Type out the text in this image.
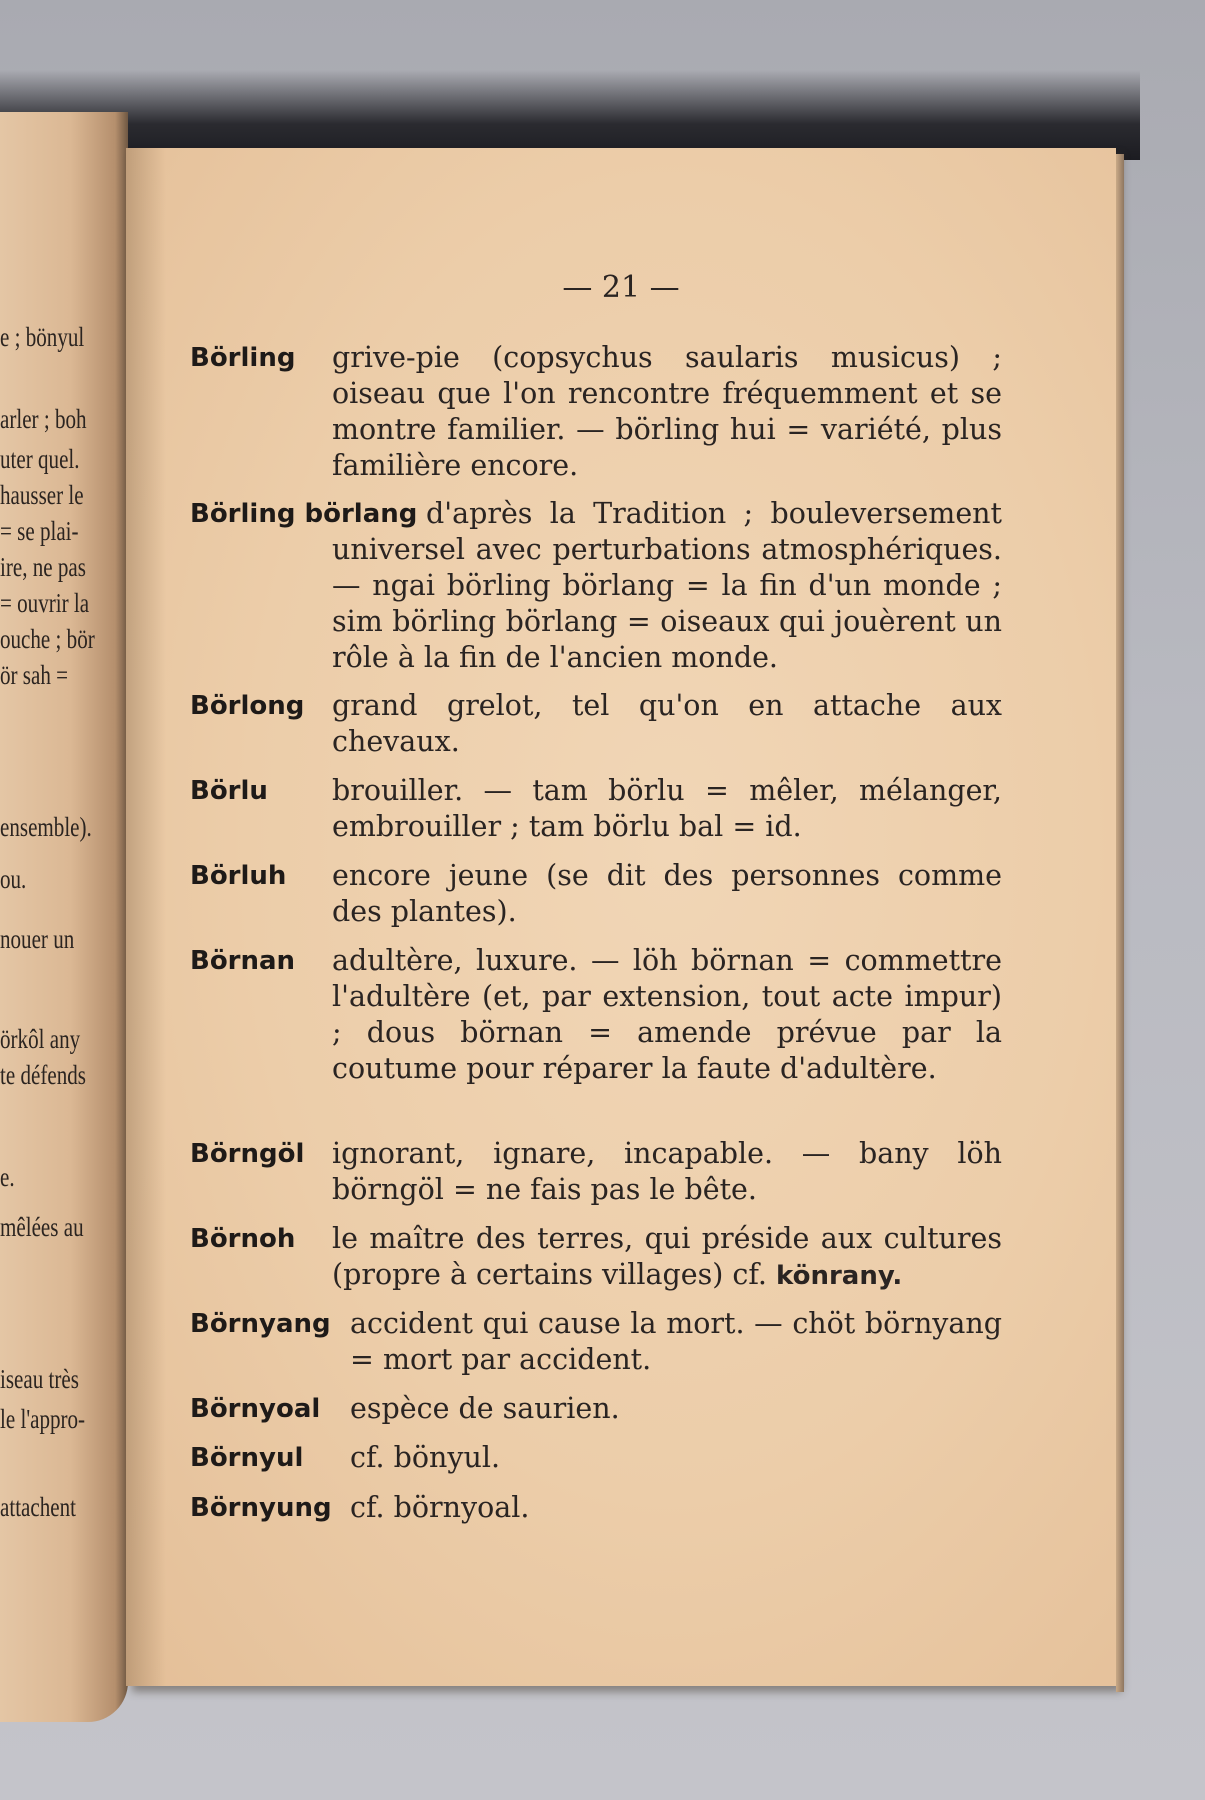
e ; bönyul
arler ; boh
uter quel.
hausser le
= se plai-
ire, ne pas
= ouvrir la
ouche ; bör
ör sah =
ensemble).
ou.
nouer un
örkôl any
te défends
e.
mêlées au
iseau très
le l'appro-
attachent
— 21 —
Börling grive-pie (copsychus saularis musicus) ; oiseau que l'on rencontre fréquemment et se montre familier. — börling hui = variété, plus familière encore.
Börling börlang d'après la Tradition ; bouleversement universel avec perturbations atmosphériques. — ngai börling börlang = la fin d'un monde ; sim börling börlang = oiseaux qui jouèrent un rôle à la fin de l'ancien monde.
Börlong grand grelot, tel qu'on en attache aux chevaux.
Börlu brouiller. — tam börlu = mêler, mélanger, embrouiller ; tam börlu bal = id.
Börluh encore jeune (se dit des personnes comme des plantes).
Börnan adultère, luxure. — löh börnan = commettre l'adultère (et, par extension, tout acte impur) ; dous börnan = amende prévue par la coutume pour réparer la faute d'adultère.
Börngöl ignorant, ignare, incapable. — bany löh börngöl = ne fais pas le bête.
Börnoh le maître des terres, qui préside aux cultures (propre à certains villages) cf. könrany.
Börnyang accident qui cause la mort. — chöt börnyang = mort par accident.
Börnyoal espèce de saurien.
Börnyul cf. bönyul.
Börnyung cf. börnyoal.
